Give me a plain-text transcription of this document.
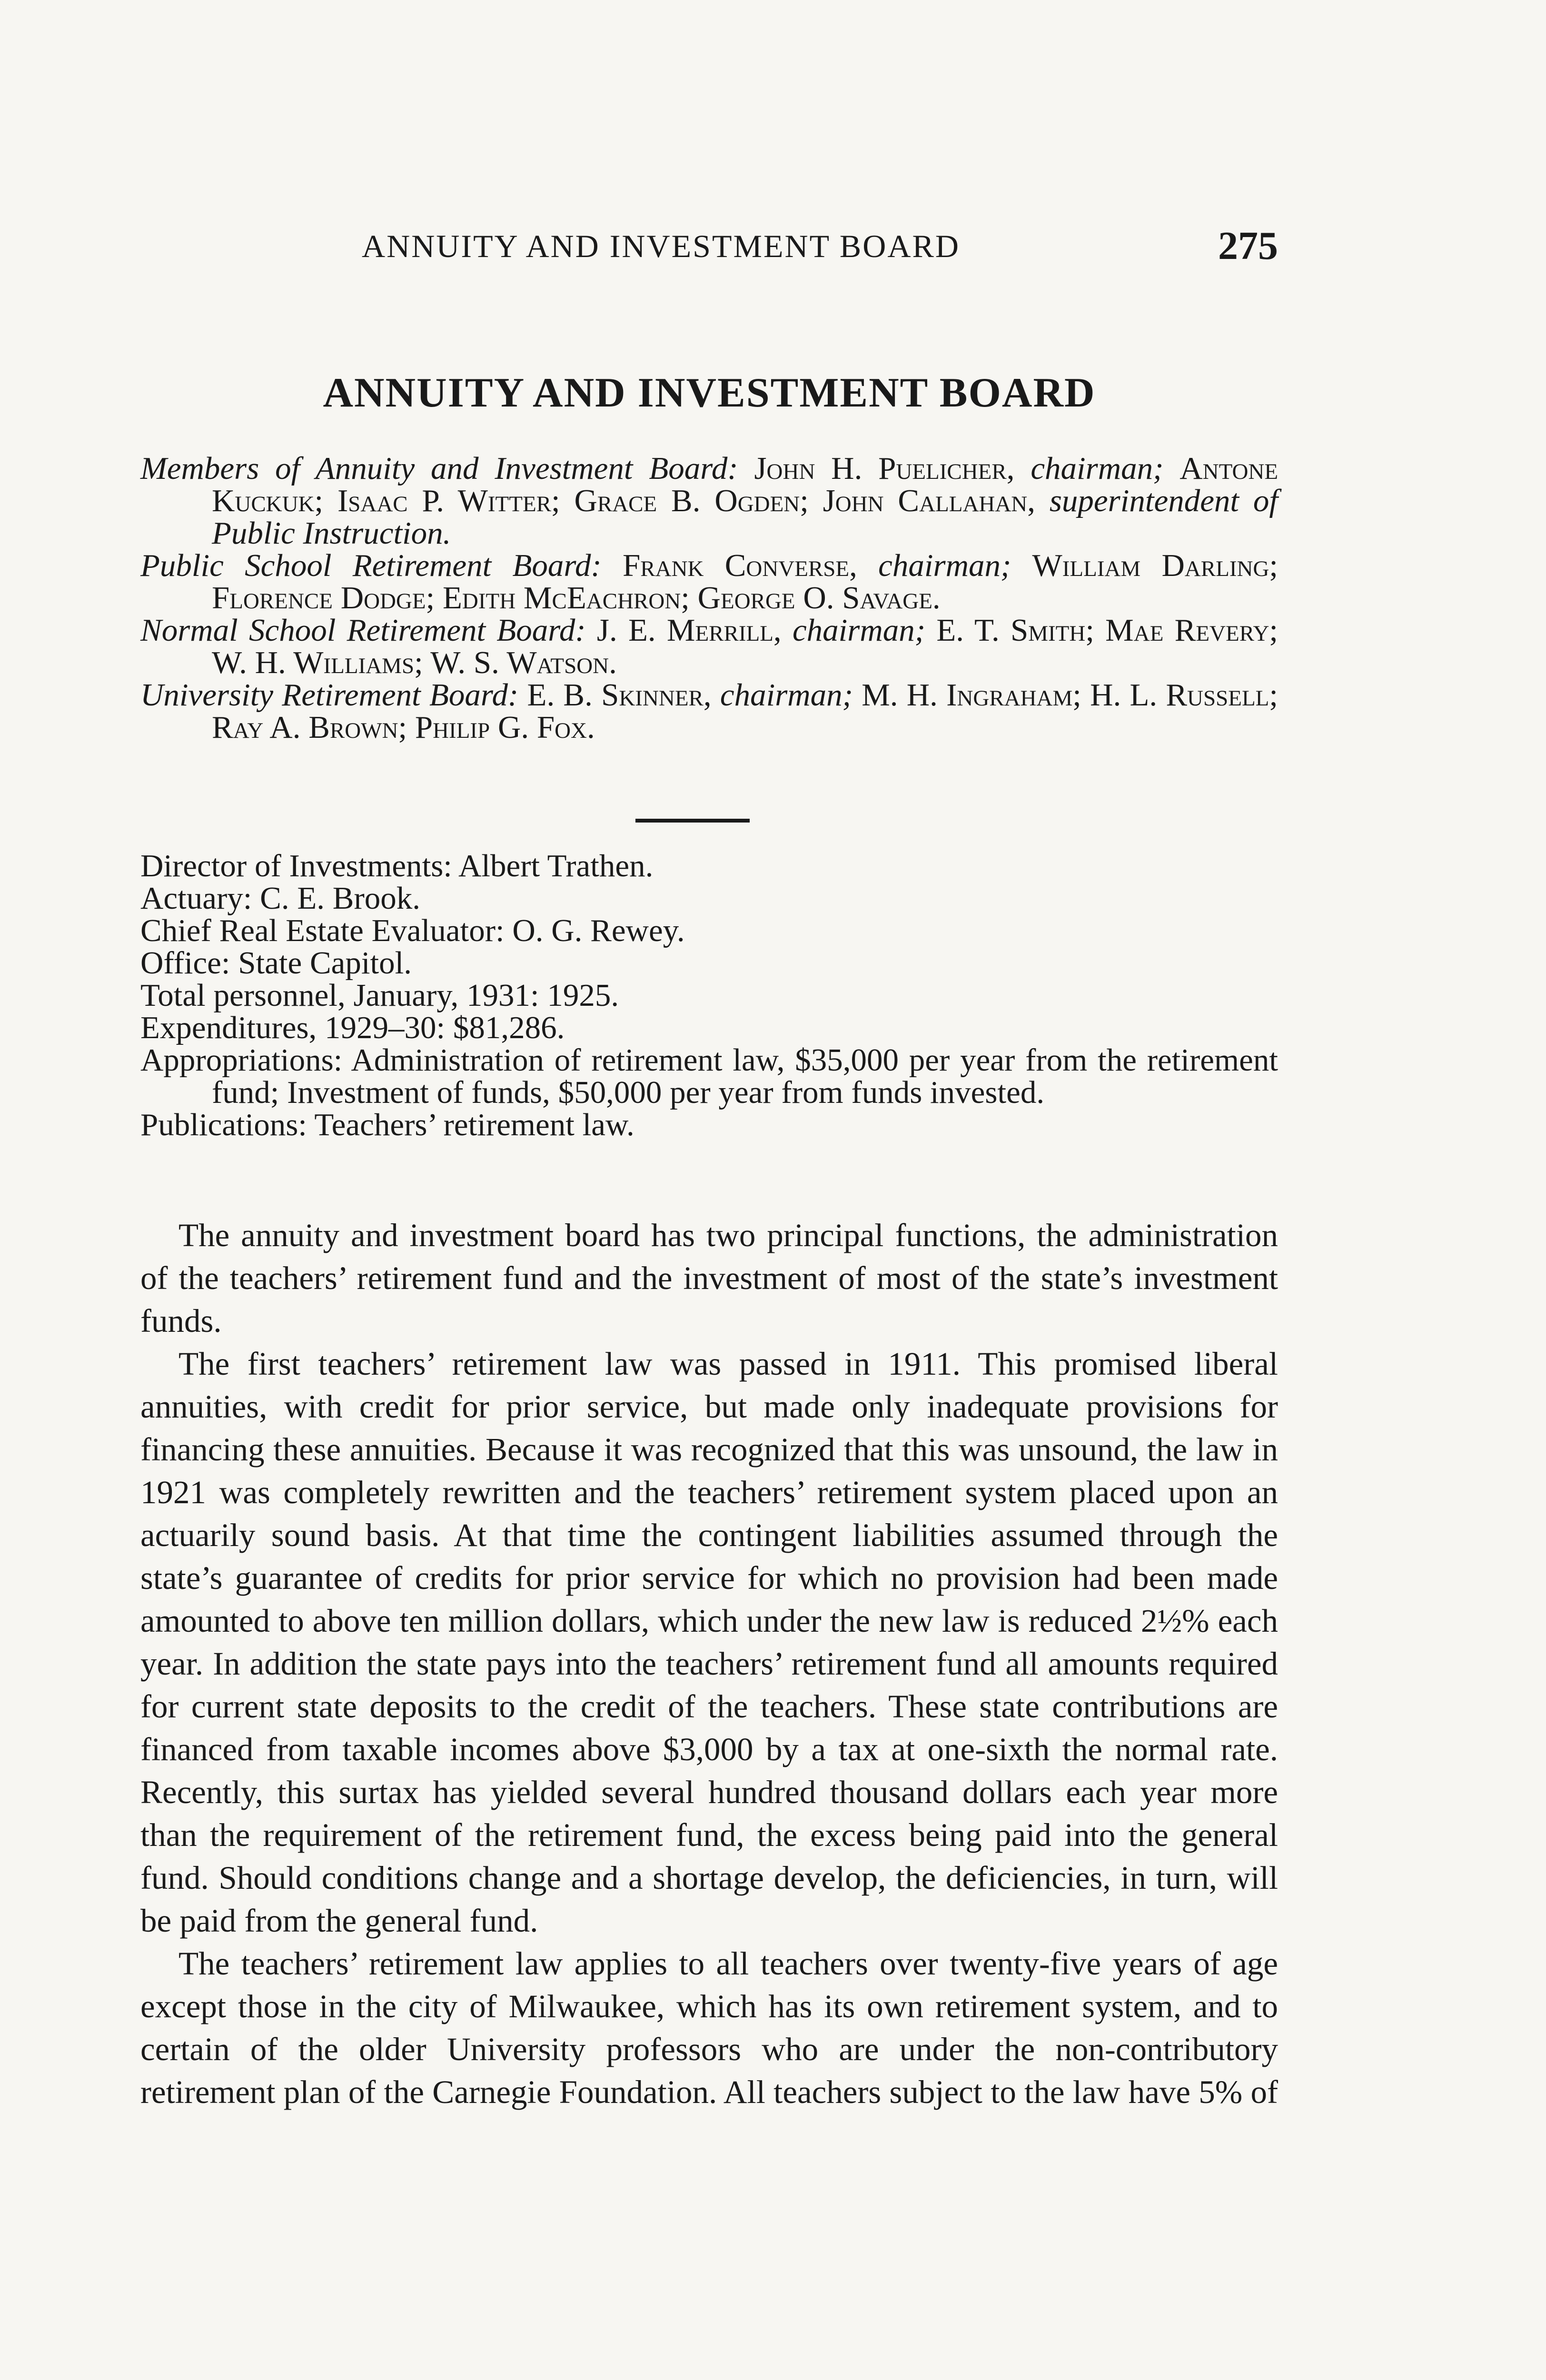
ANNUITY AND INVESTMENT BOARD	275
ANNUITY AND INVESTMENT BOARD
Members of Annuity and Investment Board: John H. Puelicher, chairman; Antone Kuckuk; Isaac P. Witter; Grace B. Ogden; John Callahan, superintendent of Public Instruction.
Public School Retirement Board: Frank Converse, chairman; William Darling; Florence Dodge; Edith McEachron; George O. Savage.
Normal School Retirement Board: J. E. Merrill, chairman; E. T. Smith; Mae Revery; W. H. Williams; W. S. Watson.
University Retirement Board: E. B. Skinner, chairman; M. H. Ingraham; H. L. Russell; Ray A. Brown; Philip G. Fox.
Director of Investments: Albert Trathen.
Actuary: C. E. Brook.
Chief Real Estate Evaluator: O. G. Rewey.
Office: State Capitol.
Total personnel, January, 1931: 1925.
Expenditures, 1929–30: $81,286.
Appropriations: Administration of retirement law, $35,000 per year from the retirement fund; Investment of funds, $50,000 per year from funds invested.
Publications: Teachers’ retirement law.

The annuity and investment board has two principal functions, the administration of the teachers’ retirement fund and the investment of most of the state’s investment funds.

The first teachers’ retirement law was passed in 1911. This promised liberal annuities, with credit for prior service, but made only inadequate provisions for financing these annuities. Because it was recognized that this was unsound, the law in 1921 was completely rewritten and the teachers’ retirement system placed upon an actuarily sound basis. At that time the contingent liabilities assumed through the state’s guarantee of credits for prior service for which no provision had been made amounted to above ten million dollars, which under the new law is reduced 2½% each year. In addition the state pays into the teachers’ retirement fund all amounts required for current state deposits to the credit of the teachers. These state contributions are financed from taxable incomes above $3,000 by a tax at one-sixth the normal rate. Recently, this surtax has yielded several hundred thousand dollars each year more than the requirement of the retirement fund, the excess being paid into the general fund. Should conditions change and a shortage develop, the deficiencies, in turn, will be paid from the general fund.

The teachers’ retirement law applies to all teachers over twenty-five years of age except those in the city of Milwaukee, which has its own retirement system, and to certain of the older University professors who are under the non-contributory retirement plan of the Carnegie Foundation. All teachers subject to the law have 5% of
